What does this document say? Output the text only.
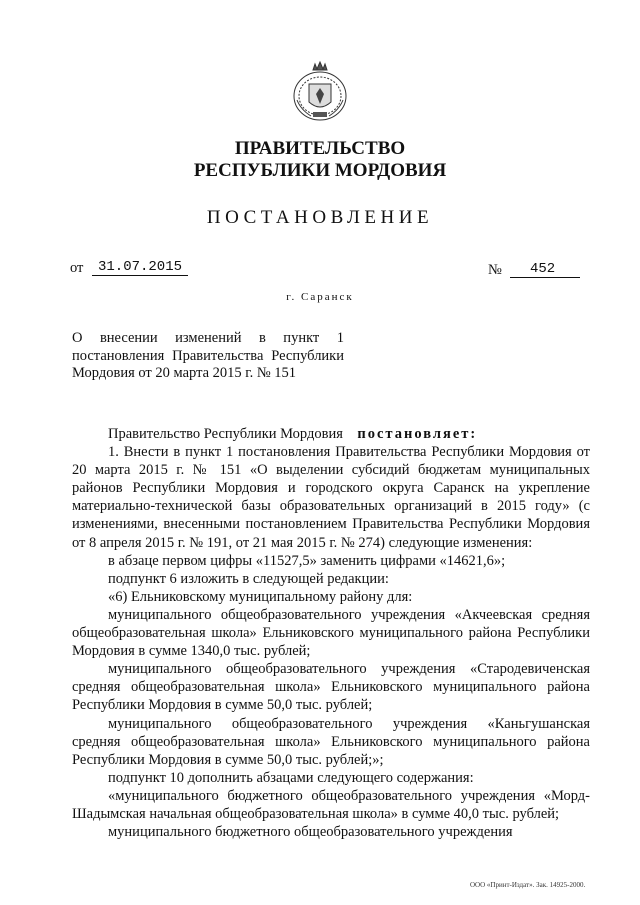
ПРАВИТЕЛЬСТВО
РЕСПУБЛИКИ МОРДОВИЯ
ПОСТАНОВЛЕНИЕ
от	31.07.2015	№	452
г. Саранск
О внесении изменений в пункт 1 постановления Правительства Республики Мордовия от 20 марта 2015 г. № 151

Правительство Республики Мордовия постановляет:

1. Внести в пункт 1 постановления Правительства Республики Мордовия от 20 марта 2015 г. № 151 «О выделении субсидий бюджетам муниципальных районов Республики Мордовия и городского округа Саранск на укрепление материально-технической базы образовательных организаций в 2015 году» (с изменениями, внесенными постановлением Правительства Республики Мордовия от 8 апреля 2015 г. № 191, от 21 мая 2015 г. № 274) следующие изменения:

в абзаце первом цифры «11527,5» заменить цифрами «14621,6»;

подпункт 6 изложить в следующей редакции:

«6) Ельниковскому муниципальному району для:

муниципального общеобразовательного учреждения «Акчеевская средняя общеобразовательная школа» Ельниковского муниципального района Республики Мордовия в сумме 1340,0 тыс. рублей;

муниципального общеобразовательного учреждения «Стародевиченская средняя общеобразовательная школа» Ельниковского муниципального района Республики Мордовия в сумме 50,0 тыс. рублей;

муниципального общеобразовательного учреждения «Каньгушанская средняя общеобразовательная школа» Ельниковского муниципального района Республики Мордовия в сумме 50,0 тыс. рублей;»;

подпункт 10 дополнить абзацами следующего содержания:

«муниципального бюджетного общеобразовательного учреждения «Морд-Шадымская начальная общеобразовательная школа» в сумме 40,0 тыс. рублей;

муниципального бюджетного общеобразовательного учреждения

ООО «Принт-Издат». Зак. 14925-2000.
